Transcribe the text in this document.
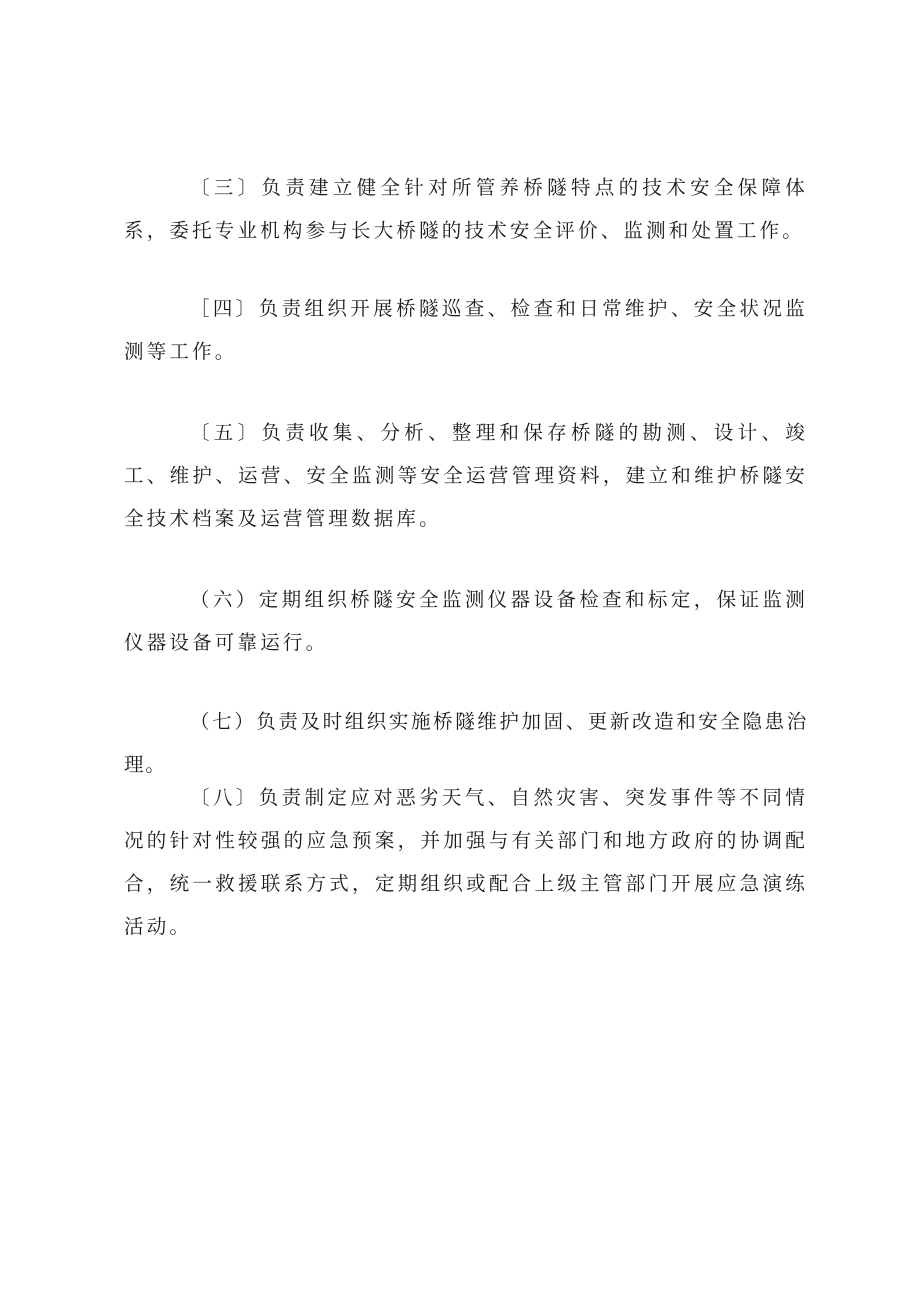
〔三〕负责建立健全针对所管养桥隧特点的技术安全保障体系，委托专业机构参与长大桥隧的技术安全评价、监测和处置工作。

［四〕负责组织开展桥隧巡查、检查和日常维护、安全状况监测等工作。

〔五〕负责收集、分析、整理和保存桥隧的勘测、设计、竣工、维护、运营、安全监测等安全运营管理资料，建立和维护桥隧安全技术档案及运营管理数据库。

（六）定期组织桥隧安全监测仪器设备检查和标定，保证监测仪器设备可靠运行。

（七）负责及时组织实施桥隧维护加固、更新改造和安全隐患治理。

〔八〕负责制定应对恶劣天气、自然灾害、突发事件等不同情况的针对性较强的应急预案，并加强与有关部门和地方政府的协调配合，统一救援联系方式，定期组织或配合上级主管部门开展应急演练活动。
